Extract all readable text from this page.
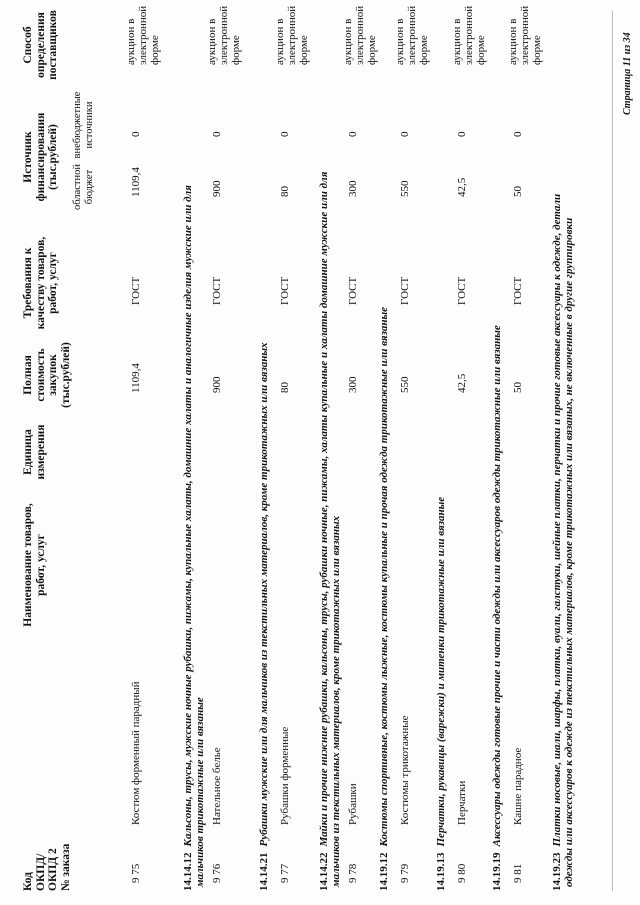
Код ОКПД/ ОКПД 2 № заказа
Наименование товаров, работ, услуг
Единица измерения
Полная стоимость закупок (тыс.рублей)
Требования к качеству товаров, работ, услуг
Источник финансирования (тыс.рублей) областной бюджет
внебюджетные источники
Способ определения поставщиков
9 75
Костюм форменный парадный
1109,4
ГОСТ
1109,4
0
аукцион в электронной форме
14.14.12Кальсоны, трусы, мужские ночные рубашки, пижамы, купальные халаты, домашние халаты и аналогичные изделия мужские или для мальчиков трикотажные или вязаные 9 76
Нательное белье
900
ГОСТ
900
0
аукцион в электронной форме
14.14.21Рубашки мужские или для мальчиков из текстильных материалов, кроме трикотажных или вязаных
9 77
Рубашки форменные
80
ГОСТ
80
0
аукцион в электронной форме
14.14.22Майки и прочие нижние рубашки, кальсоны, трусы, рубашки ночные, пижамы, халаты купальные и халаты домашние мужские или для мальчиков из текстильных материалов, кроме трикотажных или вязаных 9 78
Рубашки
300
ГОСТ
300
0
аукцион в электронной форме
14.19.12Костюмы спортивные, костюмы лыжные, костюмы купальные и прочая одежда трикотажные или вязаные
9 79
Костюмы трикотажные
550
ГОСТ
550
0
аукцион в электронной форме
14.19.13Перчатки, рукавицы (варежки) и митенки трикотажные или вязаные
9 80
Перчатки
42,5
ГОСТ
42,5
0
аукцион в электронной форме
14.19.19Аксессуары одежды готовые прочие и части одежды или аксессуаров одежды трикотажные или вязаные
9 81
Кашне парадное
50
ГОСТ
50
0
аукцион в электронной форме
14.19.23Платки носовые, шали, шарфы, платки, вуали, галстуки, шейные платки, перчатки и прочие готовые аксессуары к одежде, детали одежды или аксессуаров к одежде из текстильных материалов, кроме трикотажных или вязаных, не включенные в другие группировки
Страница 11 из 34
